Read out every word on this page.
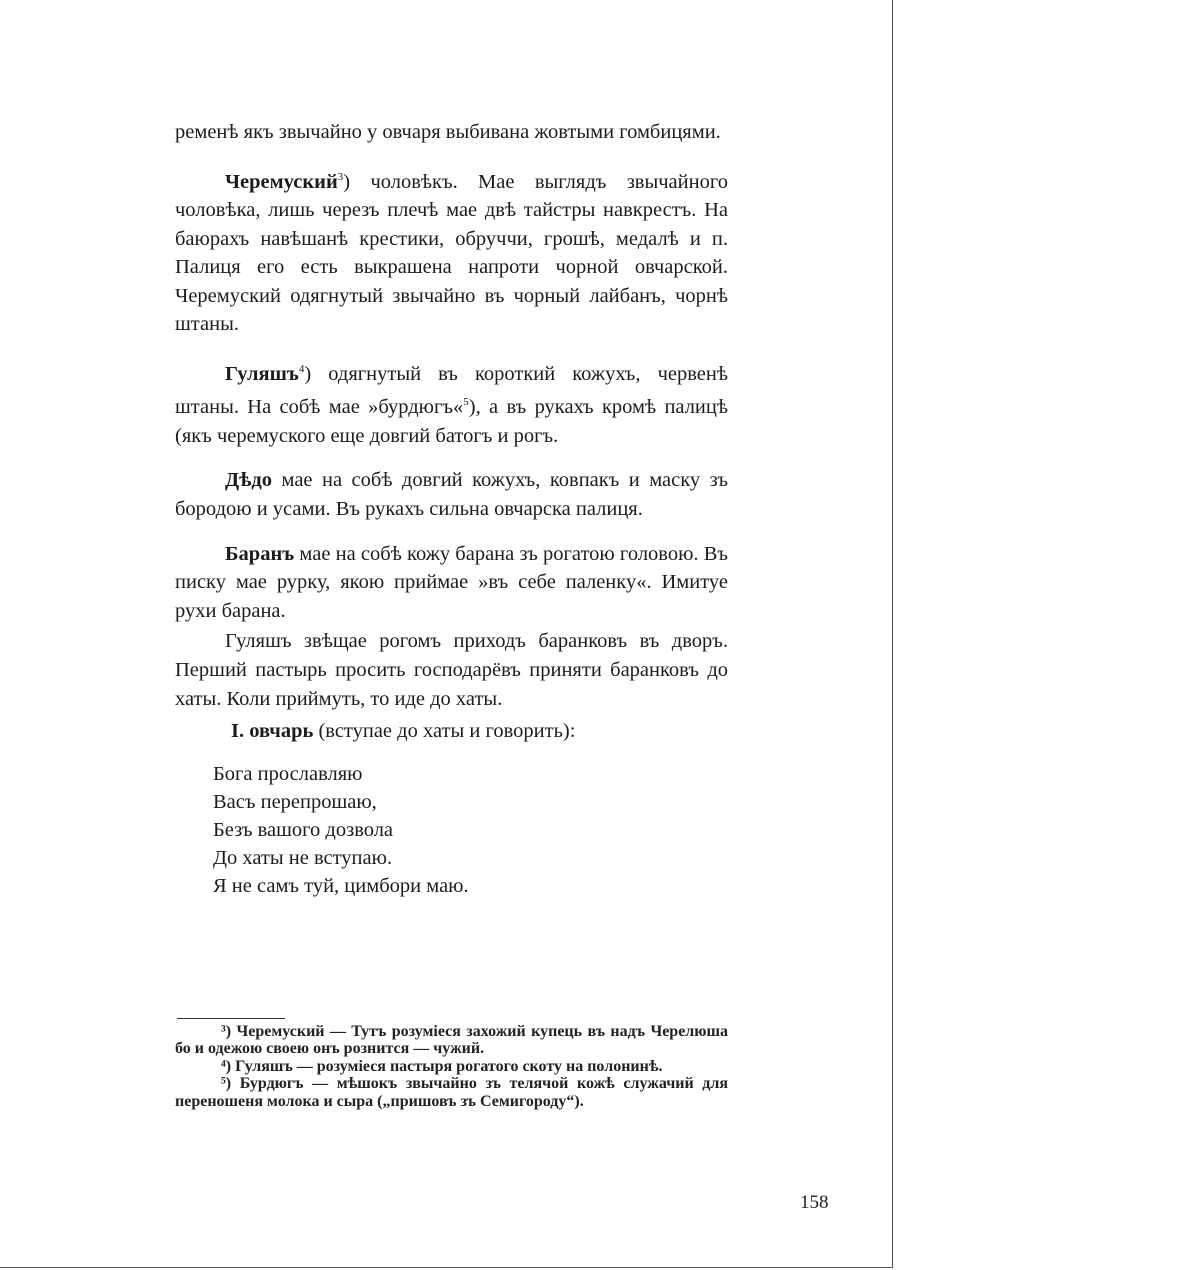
ременѣ якъ звычайно у овчаря выбивана жовтыми гомбицями.

Черемуский$^3$) чоловѣкъ. Мае выглядъ звычайного чоловѣка, лишь черезъ плечѣ мае двѣ тайстры навкрестъ. На баюрахъ навѣшанѣ крестики, обруччи, грошѣ, медалѣ и п. Палиця его есть выкрашена напроти чорной овчарской. Черемуский одягнутый звычайно въ чорный лайбанъ, чорнѣ штаны.

Гуляшъ$^4$) одягнутый въ короткий кожухъ, червенѣ штаны. На собѣ мае »бурдюгъ«$^5$), а въ рукахъ кромѣ палицѣ (якъ черемуского еще довгий батогъ и рогъ.

Дѣдо мае на собѣ довгий кожухъ, ковпакъ и маску зъ бородою и усами. Въ рукахъ сильна овчарска палиця.

Баранъ мае на собѣ кожу барана зъ рогатою головою. Въ писку мае рурку, якою приймае »въ себе паленку«. Имитуе рухи барана.

Гуляшъ звѣщае рогомъ приходъ баранковъ въ дворъ. Перший пастырь просить господарёвъ приняти баранковъ до хаты. Коли приймуть, то иде до хаты.

I. овчарь (вступае до хаты и говорить):

Бога прославляю
Васъ перепрошаю,
Безъ вашого дозвола
До хаты не вступаю.
Я не самъ туй, цимбори маю.

³) Черемуский — Тутъ розумiеся захожий купець въ надъ Черелюша бо и одежою своею онъ рознится — чужий.

⁴) Гуляшъ — розумiеся пастыря рогатого скоту на полонинѣ.

⁵) Бурдюгъ — мѣшокъ звычайно зъ телячой кожѣ служачий для переношеня молока и сыра („пришовъ зъ Семигороду“).

158
